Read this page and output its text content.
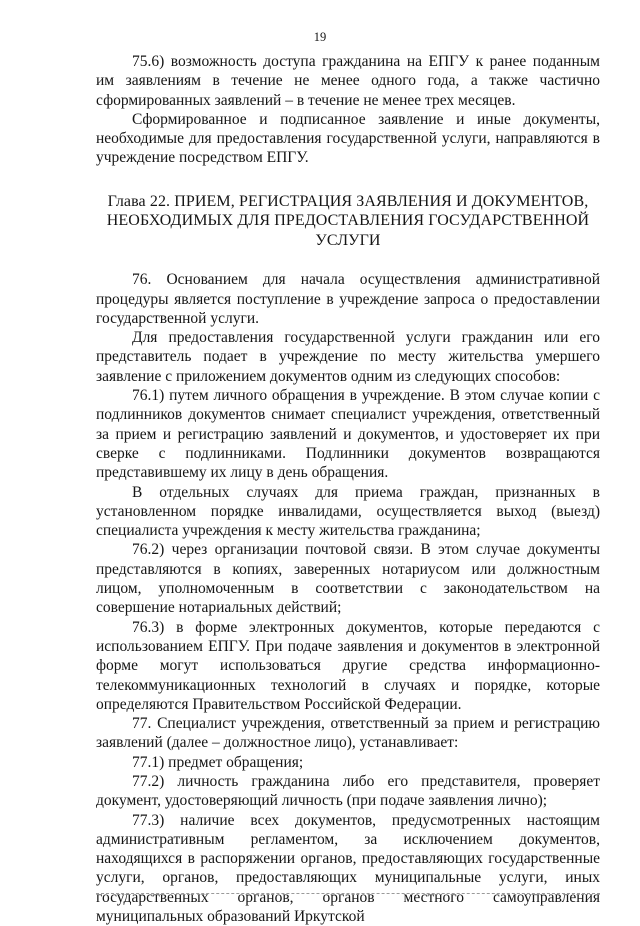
19

75.6) возможность доступа гражданина на ЕПГУ к ранее поданным им заявлениям в течение не менее одного года, а также частично сформированных заявлений – в течение не менее трех месяцев.

Сформированное и подписанное заявление и иные документы, необходимые для предоставления государственной услуги, направляются в учреждение посредством ЕПГУ.

Глава 22. ПРИЕМ, РЕГИСТРАЦИЯ ЗАЯВЛЕНИЯ И ДОКУМЕНТОВ,
НЕОБХОДИМЫХ ДЛЯ ПРЕДОСТАВЛЕНИЯ ГОСУДАРСТВЕННОЙ
УСЛУГИ

76. Основанием для начала осуществления административной процедуры является поступление в учреждение запроса о предоставлении государственной услуги.

Для предоставления государственной услуги гражданин или его представитель подает в учреждение по месту жительства умершего заявление с приложением документов одним из следующих способов:

76.1) путем личного обращения в учреждение. В этом случае копии с подлинников документов снимает специалист учреждения, ответственный за прием и регистрацию заявлений и документов, и удостоверяет их при сверке с подлинниками. Подлинники документов возвращаются представившему их лицу в день обращения.

В отдельных случаях для приема граждан, признанных в установленном порядке инвалидами, осуществляется выход (выезд) специалиста учреждения к месту жительства гражданина;

76.2) через организации почтовой связи. В этом случае документы представляются в копиях, заверенных нотариусом или должностным лицом, уполномоченным в соответствии с законодательством на совершение нотариальных действий;

76.3) в форме электронных документов, которые передаются с использованием ЕПГУ. При подаче заявления и документов в электронной форме могут использоваться другие средства информационно-телекоммуникационных технологий в случаях и порядке, которые определяются Правительством Российской Федерации.

77. Специалист учреждения, ответственный за прием и регистрацию заявлений (далее – должностное лицо), устанавливает:

77.1) предмет обращения;

77.2) личность гражданина либо его представителя, проверяет документ, удостоверяющий личность (при подаче заявления лично);

77.3) наличие всех документов, предусмотренных настоящим административным регламентом, за исключением документов, находящихся в распоряжении органов, предоставляющих государственные услуги, органов, предоставляющих муниципальные услуги, иных государственных органов, органов местного самоуправления муниципальных образований Иркутской
